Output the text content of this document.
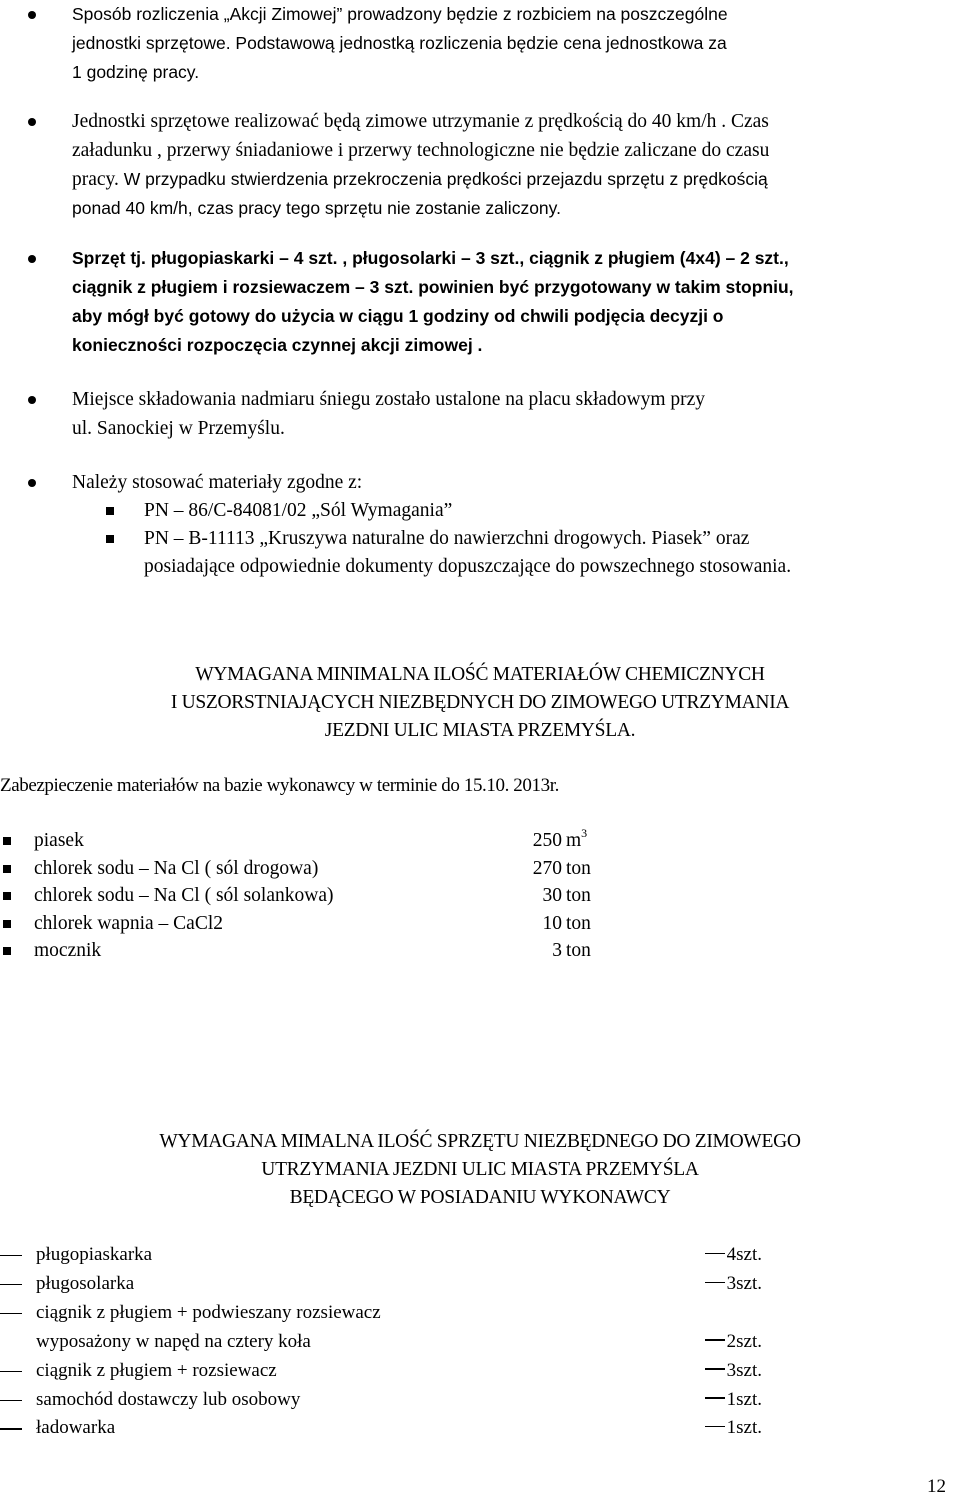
Sposób rozliczenia „Akcji Zimowej” prowadzony będzie z rozbiciem na poszczególne

jednostki sprzętowe. Podstawową jednostką rozliczenia będzie cena jednostkowa za

1 godzinę pracy.

Jednostki sprzętowe realizować będą zimowe utrzymanie z prędkością do 40 km/h . Czas

załadunku , przerwy śniadaniowe i przerwy technologiczne nie będzie zaliczane do czasu

pracy. W przypadku stwierdzenia przekroczenia prędkości przejazdu sprzętu z prędkością

ponad 40 km/h, czas pracy tego sprzętu nie zostanie zaliczony.

Sprzęt tj. pługopiaskarki – 4 szt. , pługosolarki – 3 szt., ciągnik z pługiem (4x4) – 2 szt.,

ciągnik z pługiem i rozsiewaczem – 3 szt. powinien być przygotowany w takim stopniu,

aby mógł być gotowy do użycia w ciągu 1 godziny od chwili podjęcia decyzji o

konieczności rozpoczęcia czynnej akcji zimowej .

Miejsce składowania nadmiaru śniegu zostało ustalone na placu składowym przy

ul. Sanockiej w Przemyślu.

Należy stosować materiały zgodne z:

PN – 86/C-84081/02 „Sól Wymagania”
PN – B-11113 „Kruszywa naturalne do nawierzchni drogowych. Piasek” oraz
posiadające odpowiednie dokumenty dopuszczające do powszechnego stosowania.
WYMAGANA MINIMALNA ILOŚĆ MATERIAŁÓW CHEMICZNYCH
I USZORSTNIAJĄCYCH NIEZBĘDNYCH DO ZIMOWEGO UTRZYMANIA
JEZDNI ULIC MIASTA PRZEMYŚLA.
Zabezpieczenie materiałów na bazie wykonawcy w terminie do 15.10. 2013r.
piasek	250 $m^3$
chlorek sodu – Na Cl ( sól drogowa)	270 ton
chlorek sodu – Na Cl ( sól solankowa)	30 ton
chlorek wapnia – CaCl2	10 ton
mocznik	3 ton
WYMAGANA MIMALNA ILOŚĆ SPRZĘTU NIEZBĘDNEGO DO ZIMOWEGO
UTRZYMANIA JEZDNI ULIC MIASTA PRZEMYŚLA
BĘDĄCEGO W POSIADANIU WYKONAWCY
pługopiaskarka	4szt.
pługosolarka	3szt.
ciągnik z pługiem + podwieszany rozsiewacz
wyposażony w napęd na cztery koła	2szt.
ciągnik z pługiem + rozsiewacz	3szt.
samochód dostawczy lub osobowy	1szt.
ładowarka	1szt.
12
